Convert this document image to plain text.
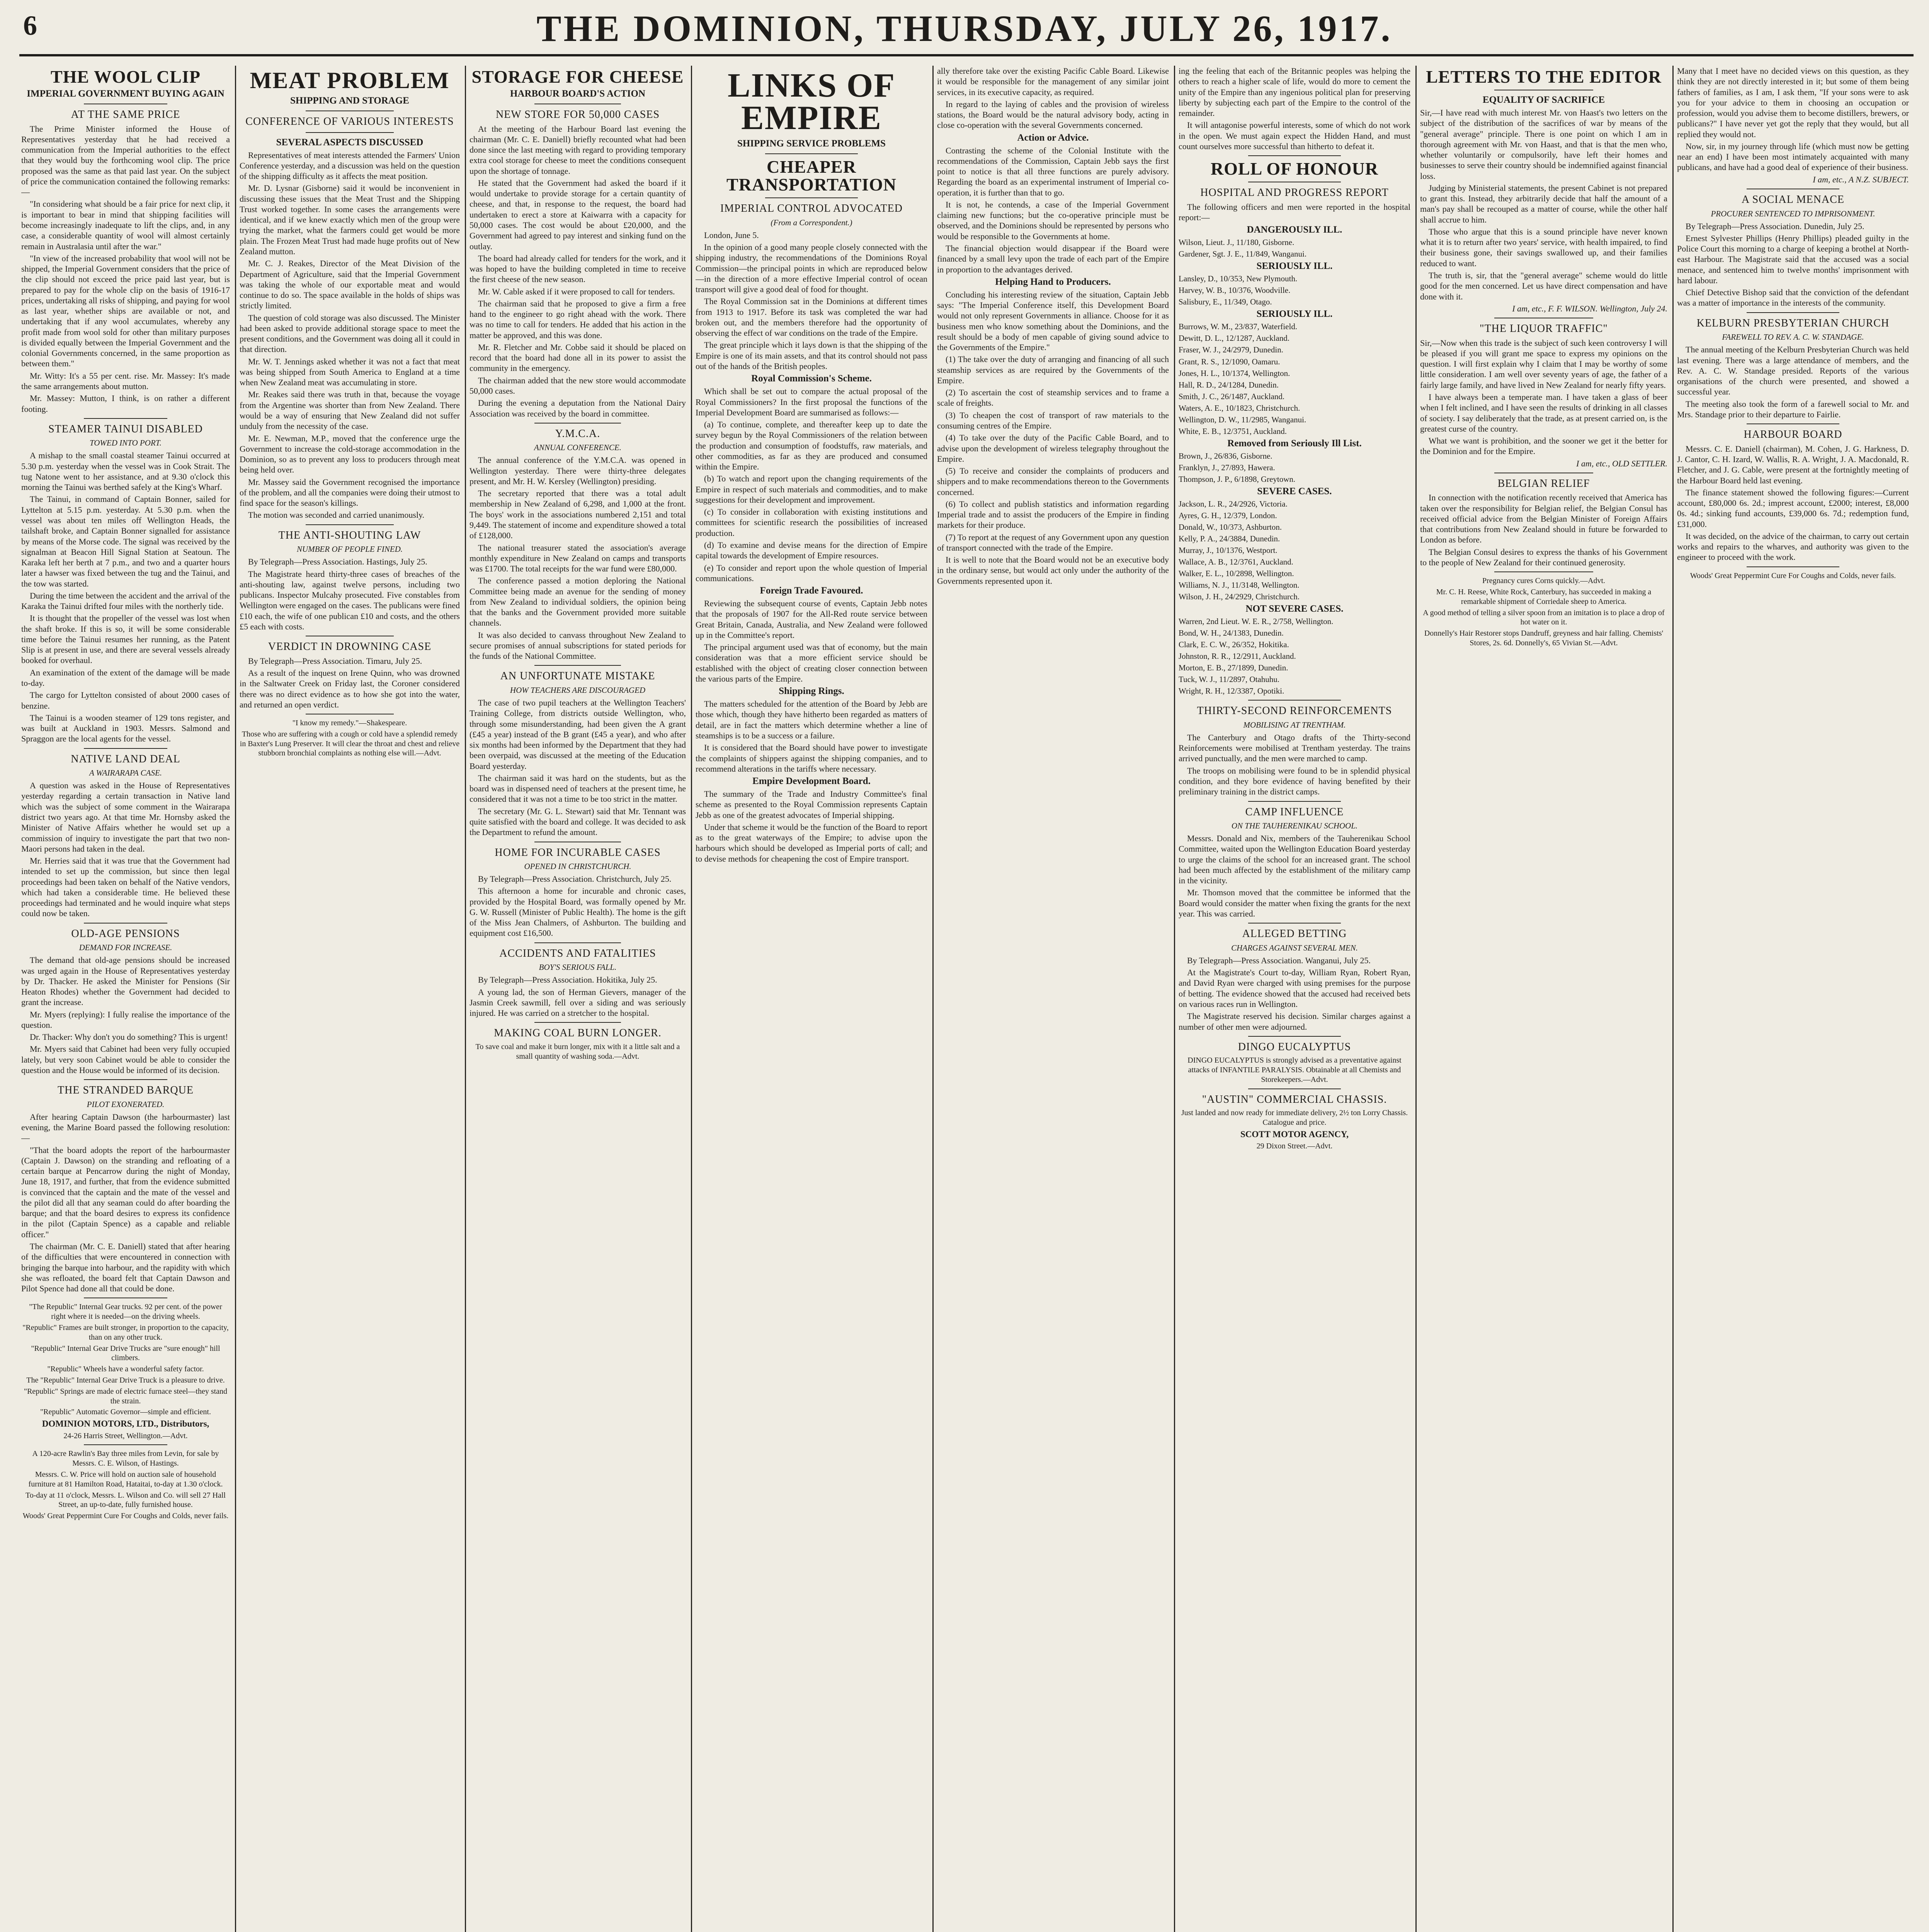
6	THE DOMINION, THURSDAY, JULY 26, 1917.
THE WOOL CLIP
IMPERIAL GOVERNMENT BUYING AGAIN
AT THE SAME PRICE

The Prime Minister informed the House of Representatives yesterday that he had received a communication from the Imperial authorities to the effect that they would buy the forthcoming wool clip. The price proposed was the same as that paid last year. On the subject of price the communication contained the following remarks:—

"In considering what should be a fair price for next clip, it is important to bear in mind that shipping facilities will become increasingly inadequate to lift the clips, and, in any case, a considerable quantity of wool will almost certainly remain in Australasia until after the war."

"In view of the increased probability that wool will not be shipped, the Imperial Government considers that the price of the clip should not exceed the price paid last year, but is prepared to pay for the whole clip on the basis of 1916-17 prices, undertaking all risks of shipping, and paying for wool as last year, whether ships are available or not, and undertaking that if any wool accumulates, whereby any profit made from wool sold for other than military purposes is divided equally between the Imperial Government and the colonial Governments concerned, in the same proportion as between them."

Mr. Witty: It's a 55 per cent. rise. Mr. Massey: It's made the same arrangements about mutton.

Mr. Massey: Mutton, I think, is on rather a different footing.

STEAMER TAINUI DISABLED
TOWED INTO PORT.

A mishap to the small coastal steamer Tainui occurred at 5.30 p.m. yesterday when the vessel was in Cook Strait. The tug Natone went to her assistance, and at 9.30 o'clock this morning the Tainui was berthed safely at the King's Wharf.

The Tainui, in command of Captain Bonner, sailed for Lyttelton at 5.15 p.m. yesterday. At 5.30 p.m. when the vessel was about ten miles off Wellington Heads, the tailshaft broke, and Captain Bonner signalled for assistance by means of the Morse code. The signal was received by the signalman at Beacon Hill Signal Station at Seatoun. The Karaka left her berth at 7 p.m., and two and a quarter hours later a hawser was fixed between the tug and the Tainui, and the tow was started.

During the time between the accident and the arrival of the Karaka the Tainui drifted four miles with the northerly tide.

It is thought that the propeller of the vessel was lost when the shaft broke. If this is so, it will be some considerable time before the Tainui resumes her running, as the Patent Slip is at present in use, and there are several vessels already booked for overhaul.

An examination of the extent of the damage will be made to-day.

The cargo for Lyttelton consisted of about 2000 cases of benzine.

The Tainui is a wooden steamer of 129 tons register, and was built at Auckland in 1903. Messrs. Salmond and Spraggon are the local agents for the vessel.

NATIVE LAND DEAL
A WAIRARAPA CASE.

A question was asked in the House of Representatives yesterday regarding a certain transaction in Native land which was the subject of some comment in the Wairarapa district two years ago. At that time Mr. Hornsby asked the Minister of Native Affairs whether he would set up a commission of inquiry to investigate the part that two non-Maori persons had taken in the deal.

Mr. Herries said that it was true that the Government had intended to set up the commission, but since then legal proceedings had been taken on behalf of the Native vendors, which had taken a considerable time. He believed these proceedings had terminated and he would inquire what steps could now be taken.

OLD-AGE PENSIONS
DEMAND FOR INCREASE.

The demand that old-age pensions should be increased was urged again in the House of Representatives yesterday by Dr. Thacker. He asked the Minister for Pensions (Sir Heaton Rhodes) whether the Government had decided to grant the increase.

Mr. Myers (replying): I fully realise the importance of the question.

Dr. Thacker: Why don't you do something? This is urgent!

Mr. Myers said that Cabinet had been very fully occupied lately, but very soon Cabinet would be able to consider the question and the House would be informed of its decision.

THE STRANDED BARQUE
PILOT EXONERATED.

After hearing Captain Dawson (the harbourmaster) last evening, the Marine Board passed the following resolution:—

"That the board adopts the report of the harbourmaster (Captain J. Dawson) on the stranding and refloating of a certain barque at Pencarrow during the night of Monday, June 18, 1917, and further, that from the evidence submitted is convinced that the captain and the mate of the vessel and the pilot did all that any seaman could do after boarding the barque; and that the board desires to express its confidence in the pilot (Captain Spence) as a capable and reliable officer."

The chairman (Mr. C. E. Daniell) stated that after hearing of the difficulties that were encountered in connection with bringing the barque into harbour, and the rapidity with which she was refloated, the board felt that Captain Dawson and Pilot Spence had done all that could be done.

"The Republic" Internal Gear trucks. 92 per cent. of the power right where it is needed—on the driving wheels.

"Republic" Frames are built stronger, in proportion to the capacity, than on any other truck.

"Republic" Internal Gear Drive Trucks are "sure enough" hill climbers.

"Republic" Wheels have a wonderful safety factor.

The "Republic" Internal Gear Drive Truck is a pleasure to drive.

"Republic" Springs are made of electric furnace steel—they stand the strain.

"Republic" Automatic Governor—simple and efficient.

DOMINION MOTORS, LTD., Distributors,

24-26 Harris Street, Wellington.—Advt.

A 120-acre Rawlin's Bay three miles from Levin, for sale by Messrs. C. E. Wilson, of Hastings.

Messrs. C. W. Price will hold on auction sale of household furniture at 81 Hamilton Road, Hataitai, to-day at 1.30 o'clock.

To-day at 11 o'clock, Messrs. L. Wilson and Co. will sell 27 Hall Street, an up-to-date, fully furnished house.

Woods' Great Peppermint Cure For Coughs and Colds, never fails.

MEAT PROBLEM
SHIPPING AND STORAGE
CONFERENCE OF VARIOUS INTERESTS
SEVERAL ASPECTS DISCUSSED

Representatives of meat interests attended the Farmers' Union Conference yesterday, and a discussion was held on the question of the shipping difficulty as it affects the meat position.

Mr. D. Lysnar (Gisborne) said it would be inconvenient in discussing these issues that the Meat Trust and the Shipping Trust worked together. In some cases the arrangements were identical, and if we knew exactly which men of the group were trying the market, what the farmers could get would be more plain. The Frozen Meat Trust had made huge profits out of New Zealand mutton.

Mr. C. J. Reakes, Director of the Meat Division of the Department of Agriculture, said that the Imperial Government was taking the whole of our exportable meat and would continue to do so. The space available in the holds of ships was strictly limited.

The question of cold storage was also discussed. The Minister had been asked to provide additional storage space to meet the present conditions, and the Government was doing all it could in that direction.

Mr. W. T. Jennings asked whether it was not a fact that meat was being shipped from South America to England at a time when New Zealand meat was accumulating in store.

Mr. Reakes said there was truth in that, because the voyage from the Argentine was shorter than from New Zealand. There would be a way of ensuring that New Zealand did not suffer unduly from the necessity of the case.

Mr. E. Newman, M.P., moved that the conference urge the Government to increase the cold-storage accommodation in the Dominion, so as to prevent any loss to producers through meat being held over.

Mr. Massey said the Government recognised the importance of the problem, and all the companies were doing their utmost to find space for the season's killings.

The motion was seconded and carried unanimously.

THE ANTI-SHOUTING LAW
NUMBER OF PEOPLE FINED.

By Telegraph—Press Association. Hastings, July 25.

The Magistrate heard thirty-three cases of breaches of the anti-shouting law, against twelve persons, including two publicans. Inspector Mulcahy prosecuted. Five constables from Wellington were engaged on the cases. The publicans were fined £10 each, the wife of one publican £10 and costs, and the others £5 each with costs.

VERDICT IN DROWNING CASE

By Telegraph—Press Association. Timaru, July 25.

As a result of the inquest on Irene Quinn, who was drowned in the Saltwater Creek on Friday last, the Coroner considered there was no direct evidence as to how she got into the water, and returned an open verdict.

"I know my remedy."—Shakespeare.

Those who are suffering with a cough or cold have a splendid remedy in Baxter's Lung Preserver. It will clear the throat and chest and relieve stubborn bronchial complaints as nothing else will.—Advt.

STORAGE FOR CHEESE
HARBOUR BOARD'S ACTION
NEW STORE FOR 50,000 CASES

At the meeting of the Harbour Board last evening the chairman (Mr. C. E. Daniell) briefly recounted what had been done since the last meeting with regard to providing temporary extra cool storage for cheese to meet the conditions consequent upon the shortage of tonnage.

He stated that the Government had asked the board if it would undertake to provide storage for a certain quantity of cheese, and that, in response to the request, the board had undertaken to erect a store at Kaiwarra with a capacity for 50,000 cases. The cost would be about £20,000, and the Government had agreed to pay interest and sinking fund on the outlay.

The board had already called for tenders for the work, and it was hoped to have the building completed in time to receive the first cheese of the new season.

Mr. W. Cable asked if it were proposed to call for tenders.

The chairman said that he proposed to give a firm a free hand to the engineer to go right ahead with the work. There was no time to call for tenders. He added that his action in the matter be approved, and this was done.

Mr. R. Fletcher and Mr. Cobbe said it should be placed on record that the board had done all in its power to assist the community in the emergency.

The chairman added that the new store would accommodate 50,000 cases.

During the evening a deputation from the National Dairy Association was received by the board in committee.

Y.M.C.A.
ANNUAL CONFERENCE.

The annual conference of the Y.M.C.A. was opened in Wellington yesterday. There were thirty-three delegates present, and Mr. H. W. Kersley (Wellington) presiding.

The secretary reported that there was a total adult membership in New Zealand of 6,298, and 1,000 at the front. The boys' work in the associations numbered 2,151 and total 9,449. The statement of income and expenditure showed a total of £128,000.

The national treasurer stated the association's average monthly expenditure in New Zealand on camps and transports was £1700. The total receipts for the war fund were £80,000.

The conference passed a motion deploring the National Committee being made an avenue for the sending of money from New Zealand to individual soldiers, the opinion being that the banks and the Government provided more suitable channels.

It was also decided to canvass throughout New Zealand to secure promises of annual subscriptions for stated periods for the funds of the National Committee.

AN UNFORTUNATE MISTAKE
HOW TEACHERS ARE DISCOURAGED

The case of two pupil teachers at the Wellington Teachers' Training College, from districts outside Wellington, who, through some misunderstanding, had been given the A grant (£45 a year) instead of the B grant (£45 a year), and who after six months had been informed by the Department that they had been overpaid, was discussed at the meeting of the Education Board yesterday.

The chairman said it was hard on the students, but as the board was in dispensed need of teachers at the present time, he considered that it was not a time to be too strict in the matter.

The secretary (Mr. G. L. Stewart) said that Mr. Tennant was quite satisfied with the board and college. It was decided to ask the Department to refund the amount.

HOME FOR INCURABLE CASES
OPENED IN CHRISTCHURCH.

By Telegraph—Press Association. Christchurch, July 25.

This afternoon a home for incurable and chronic cases, provided by the Hospital Board, was formally opened by Mr. G. W. Russell (Minister of Public Health). The home is the gift of the Miss Jean Chalmers, of Ashburton. The building and equipment cost £16,500.

ACCIDENTS AND FATALITIES
BOY'S SERIOUS FALL.

By Telegraph—Press Association. Hokitika, July 25.

A young lad, the son of Herman Gievers, manager of the Jasmin Creek sawmill, fell over a siding and was seriously injured. He was carried on a stretcher to the hospital.

MAKING COAL BURN LONGER.

To save coal and make it burn longer, mix with it a little salt and a small quantity of washing soda.—Advt.

LINKS OF EMPIRE
SHIPPING SERVICE PROBLEMS
CHEAPER TRANSPORTATION
IMPERIAL CONTROL ADVOCATED
(From a Correspondent.)

London, June 5.

In the opinion of a good many people closely connected with the shipping industry, the recommendations of the Dominions Royal Commission—the principal points in which are reproduced below—in the direction of a more effective Imperial control of ocean transport will give a good deal of food for thought.

The Royal Commission sat in the Dominions at different times from 1913 to 1917. Before its task was completed the war had broken out, and the members therefore had the opportunity of observing the effect of war conditions on the trade of the Empire.

The great principle which it lays down is that the shipping of the Empire is one of its main assets, and that its control should not pass out of the hands of the British peoples.

Royal Commission's Scheme.

Which shall be set out to compare the actual proposal of the Royal Commissioners? In the first proposal the functions of the Imperial Development Board are summarised as follows:—

(a) To continue, complete, and thereafter keep up to date the survey begun by the Royal Commissioners of the relation between the production and consumption of foodstuffs, raw materials, and other commodities, as far as they are produced and consumed within the Empire.

(b) To watch and report upon the changing requirements of the Empire in respect of such materials and commodities, and to make suggestions for their development and improvement.

(c) To consider in collaboration with existing institutions and committees for scientific research the possibilities of increased production.

(d) To examine and devise means for the direction of Empire capital towards the development of Empire resources.

(e) To consider and report upon the whole question of Imperial communications.

Foreign Trade Favoured.

Reviewing the subsequent course of events, Captain Jebb notes that the proposals of 1907 for the All-Red route service between Great Britain, Canada, Australia, and New Zealand were followed up in the Committee's report.

The principal argument used was that of economy, but the main consideration was that a more efficient service should be established with the object of creating closer connection between the various parts of the Empire.

Shipping Rings.

The matters scheduled for the attention of the Board by Jebb are those which, though they have hitherto been regarded as matters of detail, are in fact the matters which determine whether a line of steamships is to be a success or a failure.

It is considered that the Board should have power to investigate the complaints of shippers against the shipping companies, and to recommend alterations in the tariffs where necessary.

Empire Development Board.

The summary of the Trade and Industry Committee's final scheme as presented to the Royal Commission represents Captain Jebb as one of the greatest advocates of Imperial shipping.

Under that scheme it would be the function of the Board to report as to the great waterways of the Empire; to advise upon the harbours which should be developed as Imperial ports of call; and to devise methods for cheapening the cost of Empire transport.

ally therefore take over the existing Pacific Cable Board. Likewise it would be responsible for the management of any similar joint services, in its executive capacity, as required.

In regard to the laying of cables and the provision of wireless stations, the Board would be the natural advisory body, acting in close co-operation with the several Governments concerned.

Action or Advice.

Contrasting the scheme of the Colonial Institute with the recommendations of the Commission, Captain Jebb says the first point to notice is that all three functions are purely advisory. Regarding the board as an experimental instrument of Imperial co-operation, it is further than that to go.

It is not, he contends, a case of the Imperial Government claiming new functions; but the co-operative principle must be observed, and the Dominions should be represented by persons who would be responsible to the Governments at home.

The financial objection would disappear if the Board were financed by a small levy upon the trade of each part of the Empire in proportion to the advantages derived.

Helping Hand to Producers.

Concluding his interesting review of the situation, Captain Jebb says: "The Imperial Conference itself, this Development Board would not only represent Governments in alliance. Choose for it as business men who know something about the Dominions, and the result should be a body of men capable of giving sound advice to the Governments of the Empire."

(1) The take over the duty of arranging and financing of all such steamship services as are required by the Governments of the Empire.

(2) To ascertain the cost of steamship services and to frame a scale of freights.

(3) To cheapen the cost of transport of raw materials to the consuming centres of the Empire.

(4) To take over the duty of the Pacific Cable Board, and to advise upon the development of wireless telegraphy throughout the Empire.

(5) To receive and consider the complaints of producers and shippers and to make recommendations thereon to the Governments concerned.

(6) To collect and publish statistics and information regarding Imperial trade and to assist the producers of the Empire in finding markets for their produce.

(7) To report at the request of any Government upon any question of transport connected with the trade of the Empire.

It is well to note that the Board would not be an executive body in the ordinary sense, but would act only under the authority of the Governments represented upon it.

ing the feeling that each of the Britannic peoples was helping the others to reach a higher scale of life, would do more to cement the unity of the Empire than any ingenious political plan for preserving liberty by subjecting each part of the Empire to the control of the remainder.

It will antagonise powerful interests, some of which do not work in the open. We must again expect the Hidden Hand, and must count ourselves more successful than hitherto to defeat it.

ROLL OF HONOUR
HOSPITAL AND PROGRESS REPORT

The following officers and men were reported in the hospital report:—

DANGEROUSLY ILL.

Wilson, Lieut. J., 11/180, Gisborne.

Gardener, Sgt. J. E., 11/849, Wanganui.

SERIOUSLY ILL.

Lansley, D., 10/353, New Plymouth.

Harvey, W. B., 10/376, Woodville.

Salisbury, E., 11/349, Otago.

SERIOUSLY ILL.

Burrows, W. M., 23/837, Waterfield.

Dewitt, D. L., 12/1287, Auckland.

Fraser, W. J., 24/2979, Dunedin.

Grant, R. S., 12/1090, Oamaru.

Jones, H. L., 10/1374, Wellington.

Hall, R. D., 24/1284, Dunedin.

Smith, J. C., 26/1487, Auckland.

Waters, A. E., 10/1823, Christchurch.

Wellington, D. W., 11/2985, Wanganui.

White, E. B., 12/3751, Auckland.

Removed from Seriously Ill List.

Brown, J., 26/836, Gisborne.

Franklyn, J., 27/893, Hawera.

Thompson, J. P., 6/1898, Greytown.

SEVERE CASES.

Jackson, L. R., 24/2926, Victoria.

Ayres, G. H., 12/379, London.

Donald, W., 10/373, Ashburton.

Kelly, P. A., 24/3884, Dunedin.

Murray, J., 10/1376, Westport.

Wallace, A. B., 12/3761, Auckland.

Walker, E. L., 10/2898, Wellington.

Williams, N. J., 11/3148, Wellington.

Wilson, J. H., 24/2929, Christchurch.

NOT SEVERE CASES.

Warren, 2nd Lieut. W. E. R., 2/758, Wellington.

Bond, W. H., 24/1383, Dunedin.

Clark, E. C. W., 26/352, Hokitika.

Johnston, R. R., 12/2911, Auckland.

Morton, E. B., 27/1899, Dunedin.

Tuck, W. J., 11/2897, Otahuhu.

Wright, R. H., 12/3387, Opotiki.

THIRTY-SECOND REINFORCEMENTS
MOBILISING AT TRENTHAM.

The Canterbury and Otago drafts of the Thirty-second Reinforcements were mobilised at Trentham yesterday. The trains arrived punctually, and the men were marched to camp.

The troops on mobilising were found to be in splendid physical condition, and they bore evidence of having benefited by their preliminary training in the district camps.

CAMP INFLUENCE
ON THE TAUHERENIKAU SCHOOL.

Messrs. Donald and Nix, members of the Tauherenikau School Committee, waited upon the Wellington Education Board yesterday to urge the claims of the school for an increased grant. The school had been much affected by the establishment of the military camp in the vicinity.

Mr. Thomson moved that the committee be informed that the Board would consider the matter when fixing the grants for the next year. This was carried.

ALLEGED BETTING
CHARGES AGAINST SEVERAL MEN.

By Telegraph—Press Association. Wanganui, July 25.

At the Magistrate's Court to-day, William Ryan, Robert Ryan, and David Ryan were charged with using premises for the purpose of betting. The evidence showed that the accused had received bets on various races run in Wellington.

The Magistrate reserved his decision. Similar charges against a number of other men were adjourned.

DINGO EUCALYPTUS

DINGO EUCALYPTUS is strongly advised as a preventative against attacks of INFANTILE PARALYSIS. Obtainable at all Chemists and Storekeepers.—Advt.

"AUSTIN" COMMERCIAL CHASSIS.

Just landed and now ready for immediate delivery, 2½ ton Lorry Chassis. Catalogue and price.

SCOTT MOTOR AGENCY,

29 Dixon Street.—Advt.

LETTERS TO THE EDITOR
EQUALITY OF SACRIFICE

Sir,—I have read with much interest Mr. von Haast's two letters on the subject of the distribution of the sacrifices of war by means of the "general average" principle. There is one point on which I am in thorough agreement with Mr. von Haast, and that is that the men who, whether voluntarily or compulsorily, have left their homes and businesses to serve their country should be indemnified against financial loss.

Judging by Ministerial statements, the present Cabinet is not prepared to grant this. Instead, they arbitrarily decide that half the amount of a man's pay shall be recouped as a matter of course, while the other half shall accrue to him.

Those who argue that this is a sound principle have never known what it is to return after two years' service, with health impaired, to find their business gone, their savings swallowed up, and their families reduced to want.

The truth is, sir, that the "general average" scheme would do little good for the men concerned. Let us have direct compensation and have done with it.

I am, etc., F. F. WILSON. Wellington, July 24.

"THE LIQUOR TRAFFIC"

Sir,—Now when this trade is the subject of such keen controversy I will be pleased if you will grant me space to express my opinions on the question. I will first explain why I claim that I may be worthy of some little consideration. I am well over seventy years of age, the father of a fairly large family, and have lived in New Zealand for nearly fifty years.

I have always been a temperate man. I have taken a glass of beer when I felt inclined, and I have seen the results of drinking in all classes of society. I say deliberately that the trade, as at present carried on, is the greatest curse of the country.

What we want is prohibition, and the sooner we get it the better for the Dominion and for the Empire.

I am, etc., OLD SETTLER.

BELGIAN RELIEF

In connection with the notification recently received that America has taken over the responsibility for Belgian relief, the Belgian Consul has received official advice from the Belgian Minister of Foreign Affairs that contributions from New Zealand should in future be forwarded to London as before.

The Belgian Consul desires to express the thanks of his Government to the people of New Zealand for their continued generosity.

Pregnancy cures Corns quickly.—Advt.

Mr. C. H. Reese, White Rock, Canterbury, has succeeded in making a remarkable shipment of Corriedale sheep to America.

A good method of telling a silver spoon from an imitation is to place a drop of hot water on it.

Donnelly's Hair Restorer stops Dandruff, greyness and hair falling. Chemists' Stores, 2s. 6d. Donnelly's, 65 Vivian St.—Advt.

Many that I meet have no decided views on this question, as they think they are not directly interested in it; but some of them being fathers of families, as I am, I ask them, "If your sons were to ask you for your advice to them in choosing an occupation or profession, would you advise them to become distillers, brewers, or publicans?" I have never yet got the reply that they would, but all replied they would not.

Now, sir, in my journey through life (which must now be getting near an end) I have been most intimately acquainted with many publicans, and have had a good deal of experience of their business.

I am, etc., A N.Z. SUBJECT.

A SOCIAL MENACE
PROCURER SENTENCED TO IMPRISONMENT.

By Telegraph—Press Association. Dunedin, July 25.

Ernest Sylvester Phillips (Henry Phillips) pleaded guilty in the Police Court this morning to a charge of keeping a brothel at North-east Harbour. The Magistrate said that the accused was a social menace, and sentenced him to twelve months' imprisonment with hard labour.

Chief Detective Bishop said that the conviction of the defendant was a matter of importance in the interests of the community.

KELBURN PRESBYTERIAN CHURCH
FAREWELL TO REV. A. C. W. STANDAGE.

The annual meeting of the Kelburn Presbyterian Church was held last evening. There was a large attendance of members, and the Rev. A. C. W. Standage presided. Reports of the various organisations of the church were presented, and showed a successful year.

The meeting also took the form of a farewell social to Mr. and Mrs. Standage prior to their departure to Fairlie.

HARBOUR BOARD

Messrs. C. E. Daniell (chairman), M. Cohen, J. G. Harkness, D. J. Cantor, C. H. Izard, W. Wallis, R. A. Wright, J. A. Macdonald, R. Fletcher, and J. G. Cable, were present at the fortnightly meeting of the Harbour Board held last evening.

The finance statement showed the following figures:—Current account, £80,000 6s. 2d.; imprest account, £2000; interest, £8,000 0s. 4d.; sinking fund accounts, £39,000 6s. 7d.; redemption fund, £31,000.

It was decided, on the advice of the chairman, to carry out certain works and repairs to the wharves, and authority was given to the engineer to proceed with the work.

Woods' Great Peppermint Cure For Coughs and Colds, never fails.
